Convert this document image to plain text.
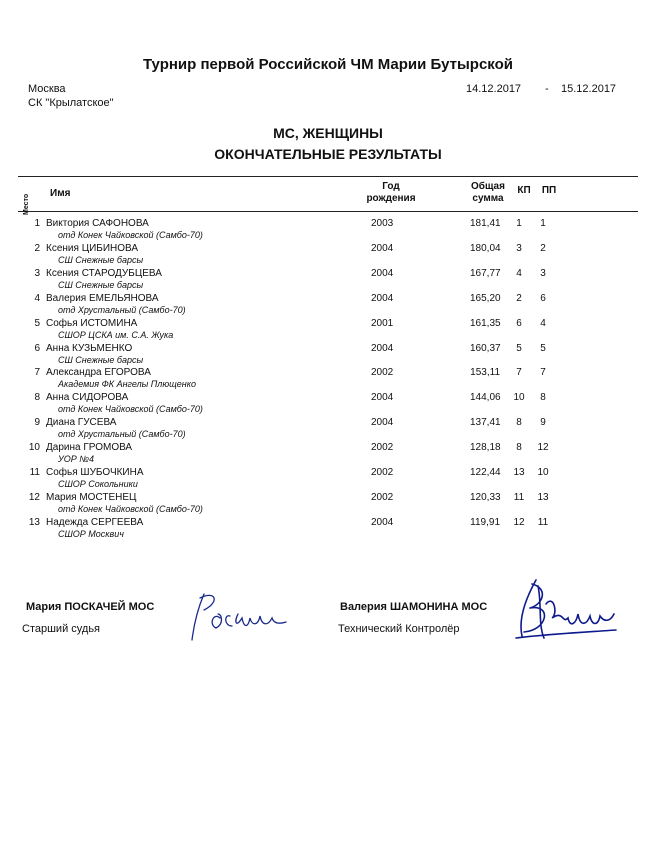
Турнир первой Российской ЧМ Марии Бутырской
Москва
СК "Крылатское"
14.12.2017 - 15.12.2017
МС, ЖЕНЩИНЫ
ОКОНЧАТЕЛЬНЫЕ РЕЗУЛЬТАТЫ
Место
Имя
Год
рождения
Общая
сумма
КП	ПП
1 Виктория САФОНОВА	2003	181,41	1	1
отд Конек Чайковской (Самбо-70)
2 Ксения ЦИБИНОВА	2004	180,04	3	2
СШ Снежные барсы
3 Ксения СТАРОДУБЦЕВА	2004	167,77	4	3
СШ Снежные барсы
4 Валерия ЕМЕЛЬЯНОВА	2004	165,20	2	6
отд Хрустальный (Самбо-70)
5 Софья ИСТОМИНА	2001	161,35	6	4
СШОР ЦСКА им. С.А. Жука
6 Анна КУЗЬМЕНКО	2004	160,37	5	5
СШ Снежные барсы
7 Александра ЕГОРОВА	2002	153,11	7	7
Академия ФК Ангелы Плющенко
8 Анна СИДОРОВА	2004	144,06	10	8
отд Конек Чайковской (Самбо-70)
9 Диана ГУСЕВА	2004	137,41	8	9
отд Хрустальный (Самбо-70)
10 Дарина ГРОМОВА	2002	128,18	8	12
УОР №4
11 Софья ШУБОЧКИНА	2002	122,44	13	10
СШОР Сокольники
12 Мария МОСТЕНЕЦ	2002	120,33	11	13
отд Конек Чайковской (Самбо-70)
13 Надежда СЕРГЕЕВА	2004	119,91	12	11
СШОР Москвич
Мария ПОСКАЧЕЙ МОС
Старший судья
Валерия ШАМОНИНА МОС
Технический Контролёр
